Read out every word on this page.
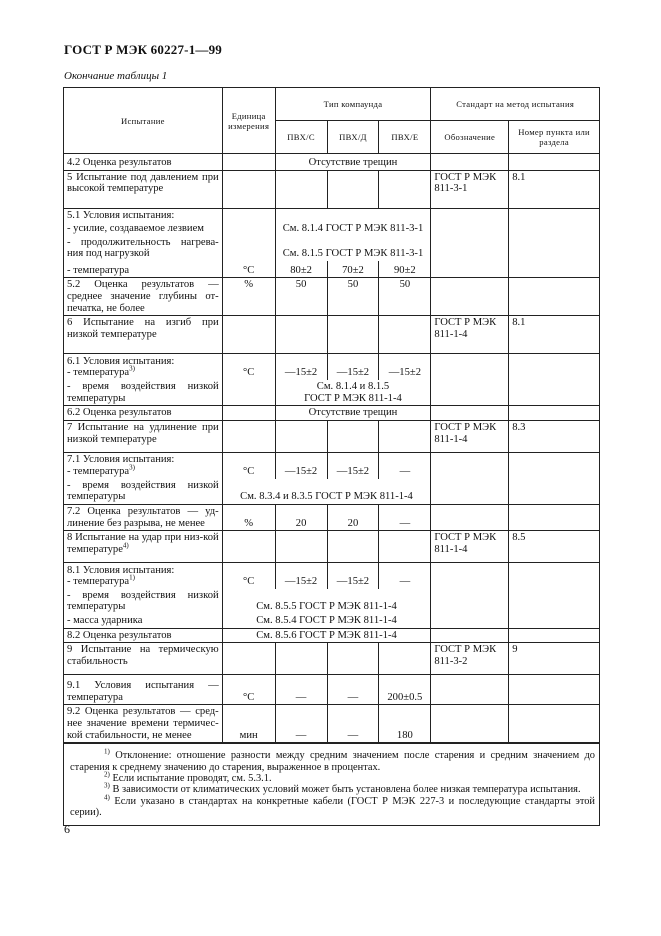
ГОСТ Р МЭК 60227-1—99
Окончание таблицы 1
Испытание	Единица измерения	Тип компаунда			Стандарт на метод испытания	
		ПВХ/С	ПВХ/Д	ПВХ/Е	Обозначение	Номер пункта или раздела
4.2 Оценка результатов		Отсутствие трещин				
5 Испытание под давлением при высокой температуре					ГОСТ Р МЭК 811-3-1	8.1
5.1 Условия испытания:						
- усилие, создаваемое лезвием		См. 8.1.4 ГОСТ Р МЭК 811-3-1				
- продолжительность нагрева-ния под нагрузкой		См. 8.1.5 ГОСТ Р МЭК 811-3-1				
- температура	°С	80±2	70±2	90±2		
5.2 Оценка результатов — среднее значение глубины от-печатка, не более	%	50	50	50		
6 Испытание на изгиб при низкой температуре					ГОСТ Р МЭК 811-1-4	8.1
6.1 Условия испытания:
- температура$^{3)}$	°С	—15±2	—15±2	—15±2		
- время воздействия низкой температуры		См. 8.1.4 и 8.1.5
ГОСТ Р МЭК 811-1-4				
6.2 Оценка результатов		Отсутствие трещин				
7 Испытание на удлинение при низкой температуре					ГОСТ Р МЭК 811-1-4	8.3
7.1 Условия испытания:
- температура$^{3)}$	°С	—15±2	—15±2	—		
- время воздействия низкой температуры	См. 8.3.4 и 8.3.5 ГОСТ Р МЭК 811-1-4					
7.2 Оценка результатов — уд-линение без разрыва, не менее	%	20	20	—		
8 Испытание на удар при низ-кой температуре$^{4)}$					ГОСТ Р МЭК 811-1-4	8.5
8.1 Условия испытания:
- температура$^{1)}$	°С	—15±2	—15±2	—		
- время воздействия низкой температуры	См. 8.5.5 ГОСТ Р МЭК 811-1-4					
- масса ударника	См. 8.5.4 ГОСТ Р МЭК 811-1-4					
8.2 Оценка результатов	См. 8.5.6 ГОСТ Р МЭК 811-1-4					
9 Испытание на термическую стабильность					ГОСТ Р МЭК 811-3-2	9
9.1 Условия испытания — температура	°С	—	—	200±0.5		
9.2 Оценка результатов — сред-нее значение времени термичес-кой стабильности, не менее	мин	—	—	180		

$^{1)}$ Отклонение: отношение разности между средним значением после старения и средним значением до старения к среднему значению до старения, выраженное в процентах.

$^{2)}$ Если испытание проводят, см. 5.3.1.

$^{3)}$ В зависимости от климатических условий может быть установлена более низкая температура испытания.

$^{4)}$ Если указано в стандартах на конкретные кабели (ГОСТ Р МЭК 227-3 и последующие стандарты этой серии).						

6
